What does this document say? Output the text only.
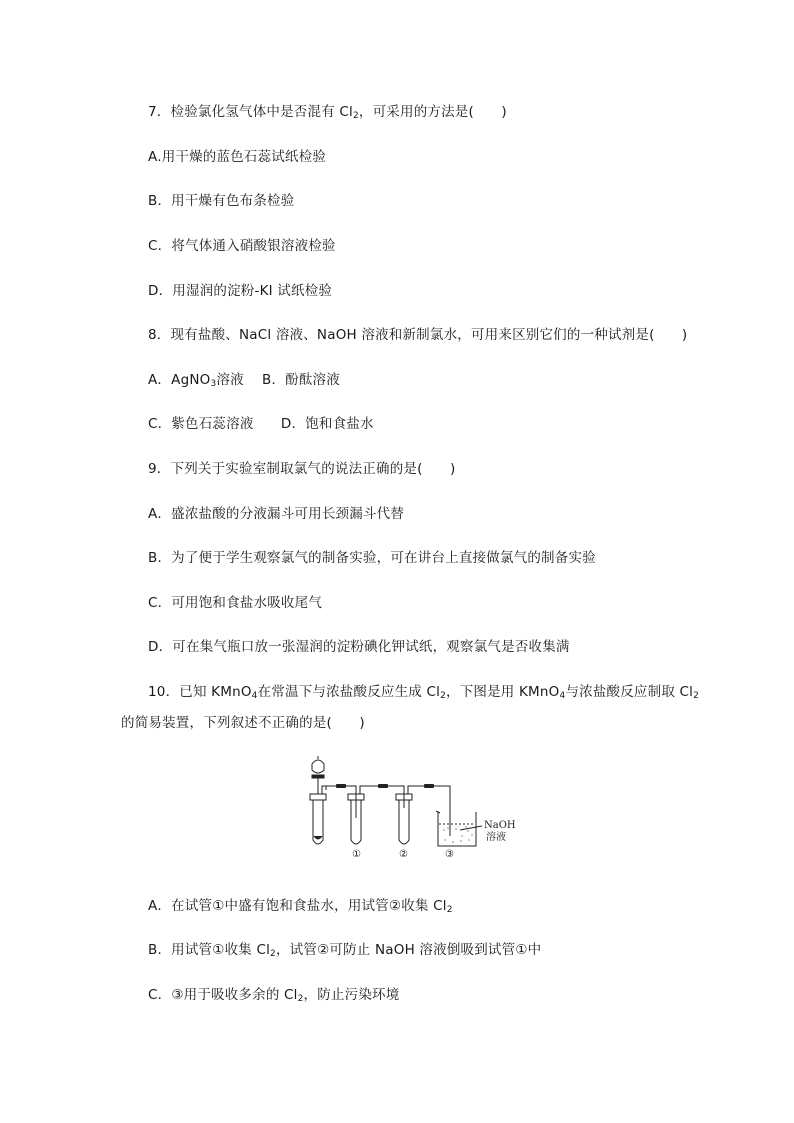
7．检验氯化氢气体中是否混有 $Cl_2$，可采用的方法是(　　)
A.用干燥的蓝色石蕊试纸检验
B．用干燥有色布条检验
C．将气体通入硝酸银溶液检验
D．用湿润的淀粉-KI 试纸检验
8．现有盐酸、NaCl 溶液、NaOH 溶液和新制氯水，可用来区别它们的一种试剂是(　　)
A．AgNO$_3$溶液　 B．酚酞溶液
C．紫色石蕊溶液　　D．饱和食盐水
9．下列关于实验室制取氯气的说法正确的是(　　)
A．盛浓盐酸的分液漏斗可用长颈漏斗代替
B．为了便于学生观察氯气的制备实验，可在讲台上直接做氯气的制备实验
C．可用饱和食盐水吸收尾气
D．可在集气瓶口放一张湿润的淀粉碘化钾试纸，观察氯气是否收集满
10．已知 KMnO$_4$在常温下与浓盐酸反应生成 $Cl_2$，下图是用 KMnO$_4$与浓盐酸反应制取 $Cl_2$
的简易装置，下列叙述不正确的是(　　)
①	②	③
NaOH
溶液
A．在试管①中盛有饱和食盐水，用试管②收集 $Cl_2$
B．用试管①收集 $Cl_2$，试管②可防止 NaOH 溶液倒吸到试管①中
C．③用于吸收多余的 $Cl_2$，防止污染环境
